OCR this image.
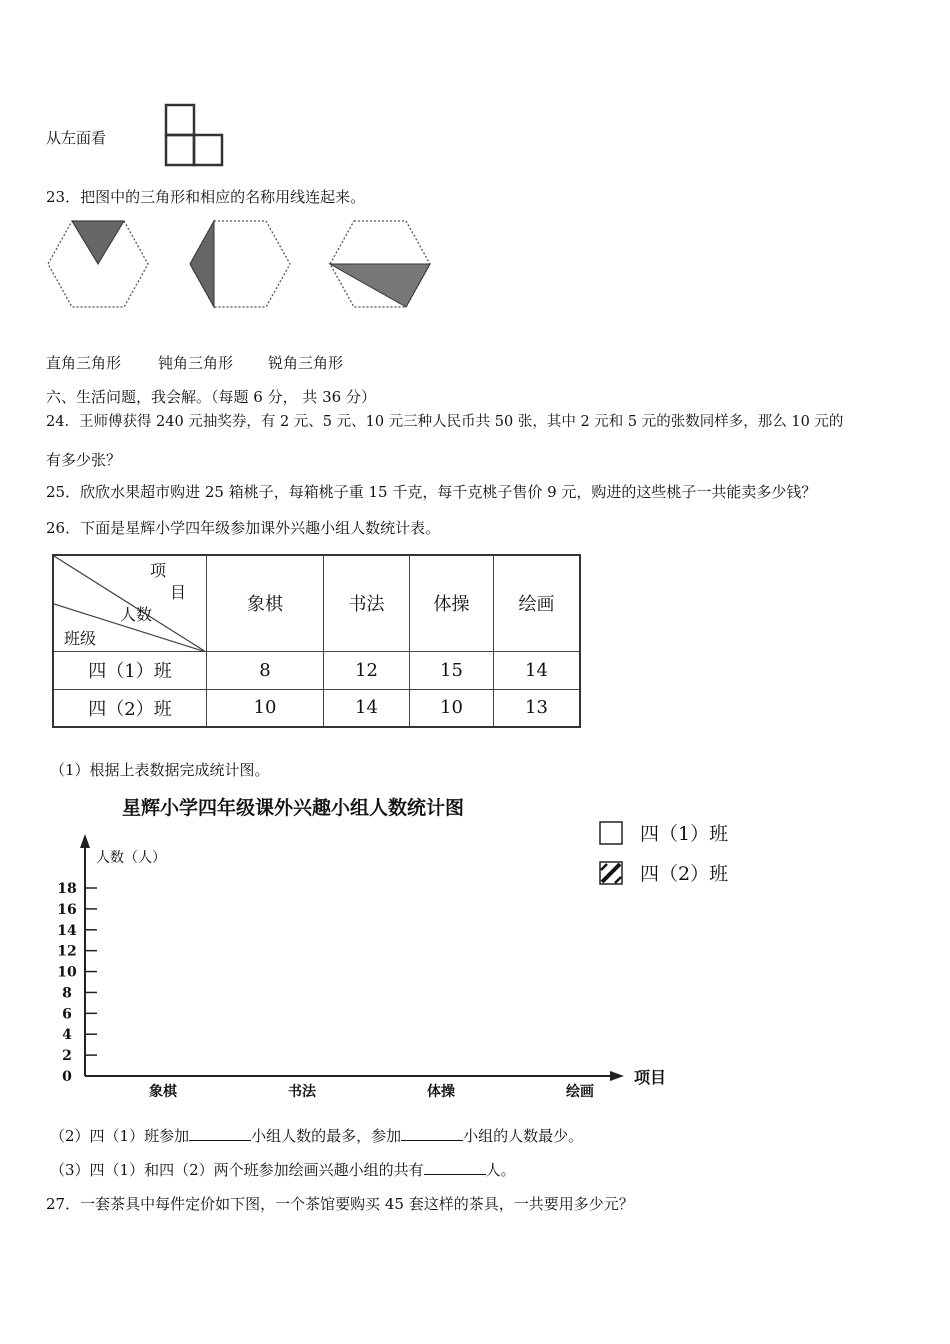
从左面看
23．把图中的三角形和相应的名称用线连起来。
直角三角形 钝角三角形 锐角三角形
六、生活问题，我会解。（每题 6 分， 共 36 分）
24．王师傅获得 240 元抽奖券，有 2 元、5 元、10 元三种人民币共 50 张，其中 2 元和 5 元的张数同样多，那么 10 元的
有多少张？
25．欣欣水果超市购进 25 箱桃子，每箱桃子重 15 千克，每千克桃子售价 9 元，购进的这些桃子一共能卖多少钱？
26．下面是星辉小学四年级参加课外兴趣小组人数统计表。
项
目
人数
班级	象棋	书法	体操	绘画
四（1）班	8	12	15	14
四（2）班	10	14	10	13
（1）根据上表数据完成统计图。
星辉小学四年级课外兴趣小组人数统计图
四（1）班
四（2）班
人数（人）
项目
0
2
4
6
8
10
12
14
16
18
象棋	书法	体操	绘画
（2）四（1）班参加	小组人数的最多，参加	小组的人数最少。
（3）四（1）和四（2）两个班参加绘画兴趣小组的共有	人。
27．一套茶具中每件定价如下图，一个茶馆要购买 45 套这样的茶具，一共要用多少元？
